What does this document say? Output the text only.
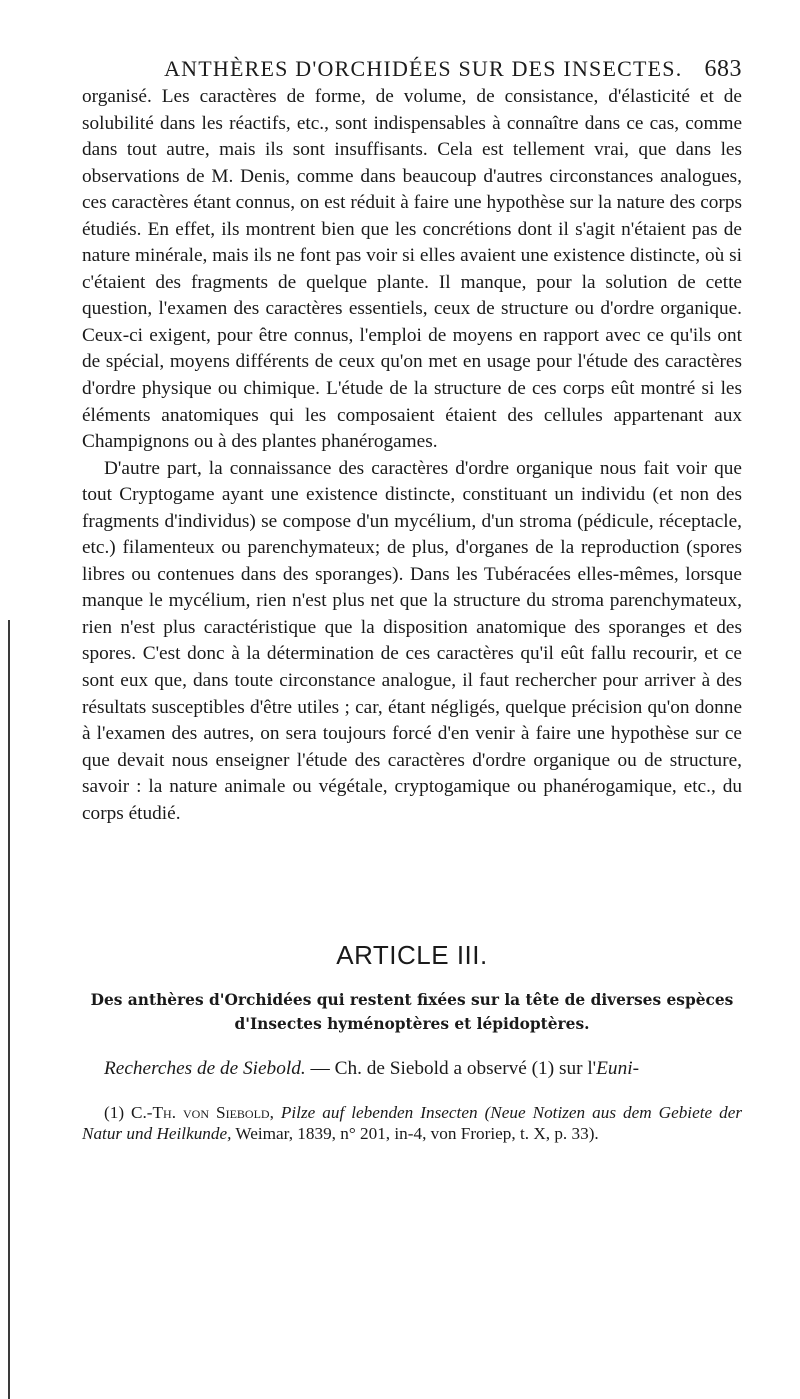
ANTHÈRES D'ORCHIDÉES SUR DES INSECTES. 683

organisé. Les caractères de forme, de volume, de consistance, d'élasticité et de solubilité dans les réactifs, etc., sont indispensables à connaître dans ce cas, comme dans tout autre, mais ils sont insuffisants. Cela est tellement vrai, que dans les observations de M. Denis, comme dans beaucoup d'autres circonstances analogues, ces caractères étant connus, on est réduit à faire une hypothèse sur la nature des corps étudiés. En effet, ils montrent bien que les concrétions dont il s'agit n'étaient pas de nature minérale, mais ils ne font pas voir si elles avaient une existence distincte, où si c'étaient des fragments de quelque plante. Il manque, pour la solution de cette question, l'examen des caractères essentiels, ceux de structure ou d'ordre organique. Ceux-ci exigent, pour être connus, l'emploi de moyens en rapport avec ce qu'ils ont de spécial, moyens différents de ceux qu'on met en usage pour l'étude des caractères d'ordre physique ou chimique. L'étude de la structure de ces corps eût montré si les éléments anatomiques qui les composaient étaient des cellules appartenant aux Champignons ou à des plantes phanérogames.

D'autre part, la connaissance des caractères d'ordre organique nous fait voir que tout Cryptogame ayant une existence distincte, constituant un individu (et non des fragments d'individus) se compose d'un mycélium, d'un stroma (pédicule, réceptacle, etc.) filamenteux ou parenchymateux; de plus, d'organes de la reproduction (spores libres ou contenues dans des sporanges). Dans les Tubéracées elles-mêmes, lorsque manque le mycélium, rien n'est plus net que la structure du stroma parenchymateux, rien n'est plus caractéristique que la disposition anatomique des sporanges et des spores. C'est donc à la détermination de ces caractères qu'il eût fallu recourir, et ce sont eux que, dans toute circonstance analogue, il faut rechercher pour arriver à des résultats susceptibles d'être utiles ; car, étant négligés, quelque précision qu'on donne à l'examen des autres, on sera toujours forcé d'en venir à faire une hypothèse sur ce que devait nous enseigner l'étude des caractères d'ordre organique ou de structure, savoir : la nature animale ou végétale, cryptogamique ou phanérogamique, etc., du corps étudié.

ARTICLE III.
Des anthères d'Orchidées qui restent fixées sur la tête de diverses espèces d'Insectes hyménoptères et lépidoptères.
Recherches de de Siebold. — Ch. de Siebold a observé (1) sur l'Euni-
(1) C.-Th. von Siebold, Pilze auf lebenden Insecten (Neue Notizen aus dem Gebiete der Natur und Heilkunde, Weimar, 1839, n° 201, in-4, von Froriep, t. X, p. 33).
